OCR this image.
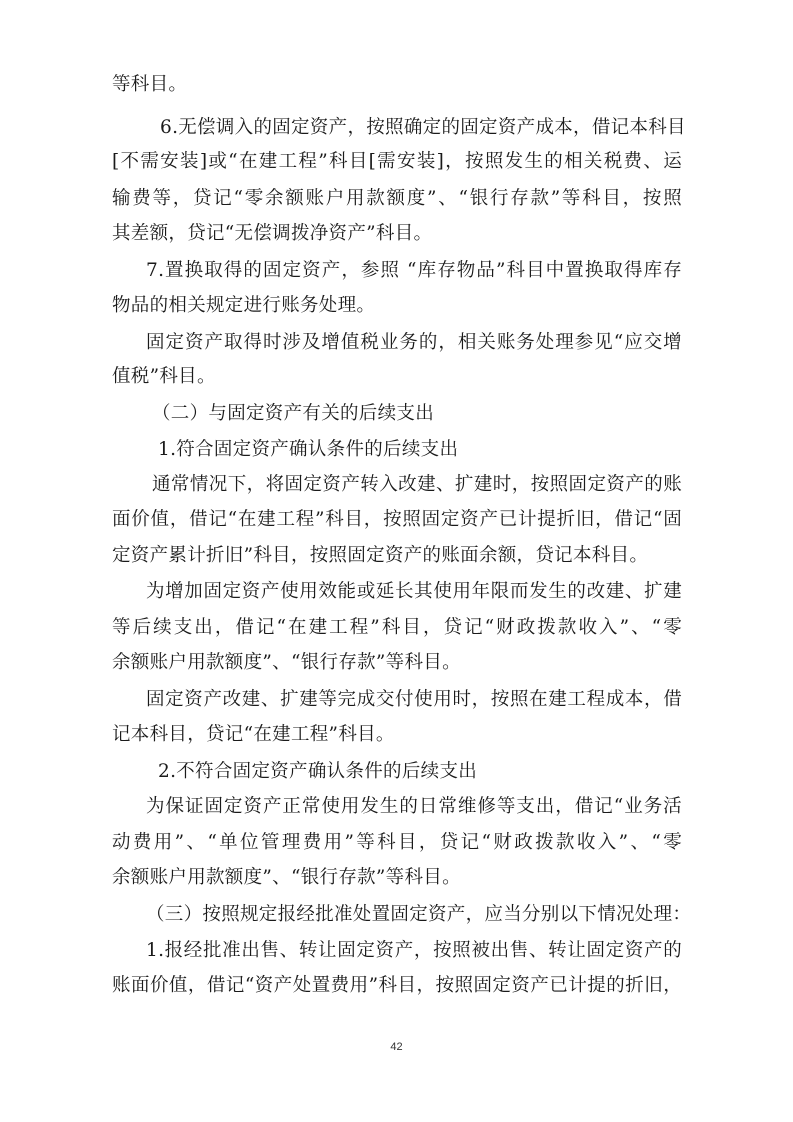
等科目。
6.无偿调入的固定资产，按照确定的固定资产成本，借记本科目
[不需安装]或“在建工程”科目[需安装]，按照发生的相关税费、运
输费等，贷记“零余额账户用款额度”、“银行存款”等科目，按照
其差额，贷记“无偿调拨净资产”科目。
7.置换取得的固定资产，参照 “库存物品”科目中置换取得库存
物品的相关规定进行账务处理。
固定资产取得时涉及增值税业务的，相关账务处理参见“应交增
值税”科目。
（二）与固定资产有关的后续支出
1.符合固定资产确认条件的后续支出
通常情况下，将固定资产转入改建、扩建时，按照固定资产的账
面价值，借记“在建工程”科目，按照固定资产已计提折旧，借记“固
定资产累计折旧”科目，按照固定资产的账面余额，贷记本科目。
为增加固定资产使用效能或延长其使用年限而发生的改建、扩建
等后续支出，借记“在建工程”科目，贷记“财政拨款收入”、“零
余额账户用款额度”、“银行存款”等科目。
固定资产改建、扩建等完成交付使用时，按照在建工程成本，借
记本科目，贷记“在建工程”科目。
2.不符合固定资产确认条件的后续支出
为保证固定资产正常使用发生的日常维修等支出，借记“业务活
动费用”、“单位管理费用”等科目，贷记“财政拨款收入”、“零
余额账户用款额度”、“银行存款”等科目。
（三）按照规定报经批准处置固定资产，应当分别以下情况处理：
1.报经批准出售、转让固定资产，按照被出售、转让固定资产的
账面价值，借记“资产处置费用”科目，按照固定资产已计提的折旧，
42
